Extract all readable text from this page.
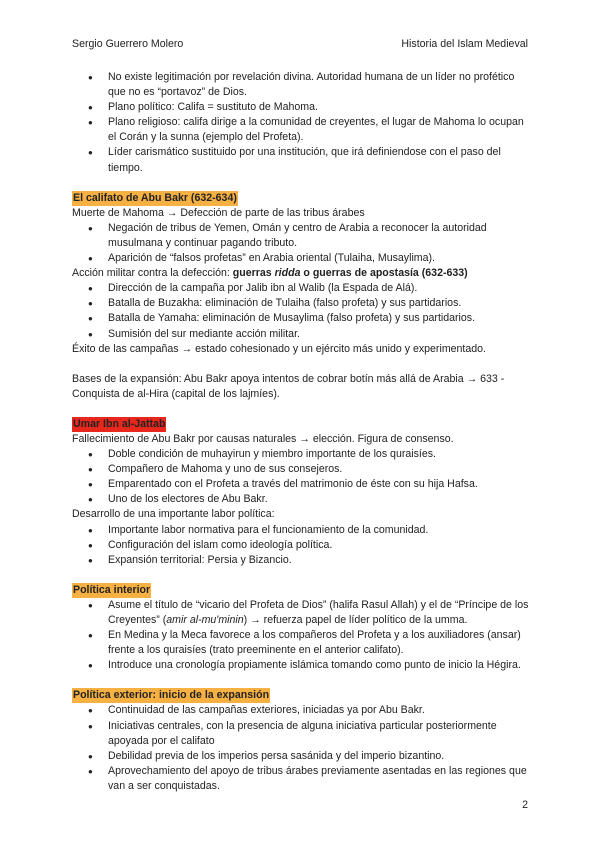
Sergio Guerrero Molero	Historia del Islam Medieval
● No existe legitimación por revelación divina. Autoridad humana de un líder no profético que no es “portavoz” de Dios.
● Plano político: Califa = sustituto de Mahoma.
● Plano religioso: califa dirige a la comunidad de creyentes, el lugar de Mahoma lo ocupan el Corán y la sunna (ejemplo del Profeta).
● Líder carismático sustituido por una institución, que irá definiendose con el paso del tiempo.
El califato de Abu Bakr (632-634)

Muerte de Mahoma → Defección de parte de las tribus árabes

● Negación de tribus de Yemen, Omán y centro de Arabia a reconocer la autoridad musulmana y continuar pagando tributo.
● Aparición de “falsos profetas” en Arabia oriental (Tulaiha, Musaylima).

Acción militar contra la defección: guerras ridda o guerras de apostasía (632-633)

● Dirección de la campaña por Jalib ibn al Walib (la Espada de Alá).
● Batalla de Buzakha: eliminación de Tulaiha (falso profeta) y sus partidarios.
● Batalla de Yamaha: eliminación de Musaylima (falso profeta) y sus partidarios.
● Sumisión del sur mediante acción militar.

Éxito de las campañas → estado cohesionado y un ejército más unido y experimentado.

Bases de la expansión: Abu Bakr apoya intentos de cobrar botín más allá de Arabia → 633 - Conquista de al-Hira (capital de los lajmíes).

Umar Ibn al-Jattab

Fallecimiento de Abu Bakr por causas naturales → elección. Figura de consenso.

● Doble condición de muhayirun y miembro importante de los quraisíes.
● Compañero de Mahoma y uno de sus consejeros.
● Emparentado con el Profeta a través del matrimonio de éste con su hija Hafsa.
● Uno de los electores de Abu Bakr.

Desarrollo de una importante labor política:

● Importante labor normativa para el funcionamiento de la comunidad.
● Configuración del islam como ideología política.
● Expansión territorial: Persia y Bizancio.
Política interior
● Asume el título de “vicario del Profeta de Dios” (halifa Rasul Allah) y el de “Príncipe de los Creyentes” (amir al-mu'minin) → refuerza papel de líder político de la umma.
● En Medina y la Meca favorece a los compañeros del Profeta y a los auxiliadores (ansar) frente a los quraisíes (trato preeminente en el anterior califato).
● Introduce una cronología propiamente islámica tomando como punto de inicio la Hégira.
Política exterior: inicio de la expansión
● Continuidad de las campañas exteriores, iniciadas ya por Abu Bakr.
● Iniciativas centrales, con la presencia de alguna iniciativa particular posteriormente apoyada por el califato
● Debilidad previa de los imperios persa sasánida y del imperio bizantino.
● Aprovechamiento del apoyo de tribus árabes previamente asentadas en las regiones que van a ser conquistadas.
2
